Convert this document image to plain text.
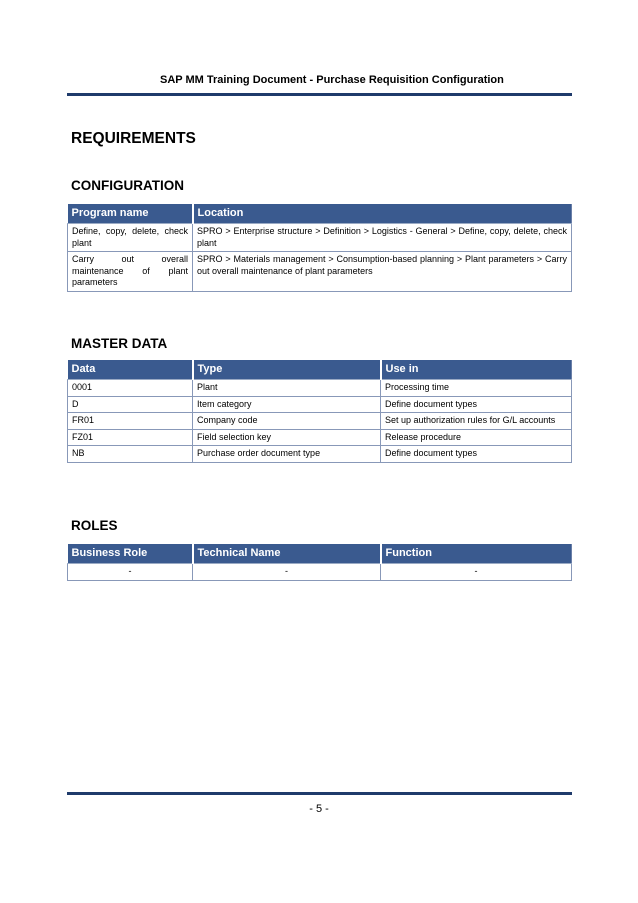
SAP MM Training Document - Purchase Requisition Configuration
REQUIREMENTS
CONFIGURATION
Program name	Location
Define, copy, delete, check plant	SPRO > Enterprise structure > Definition > Logistics - General > Define, copy, delete, check plant
Carry out overall maintenance of plant parameters	SPRO > Materials management > Consumption-based planning > Plant parameters > Carry out overall maintenance of plant parameters
MASTER DATA
Data	Type	Use in
0001	Plant	Processing time
D	Item category	Define document types
FR01	Company code	Set up authorization rules for G/L accounts
FZ01	Field selection key	Release procedure
NB	Purchase order document type	Define document types
ROLES
Business Role	Technical Name	Function
-	-	-
- 5 -
